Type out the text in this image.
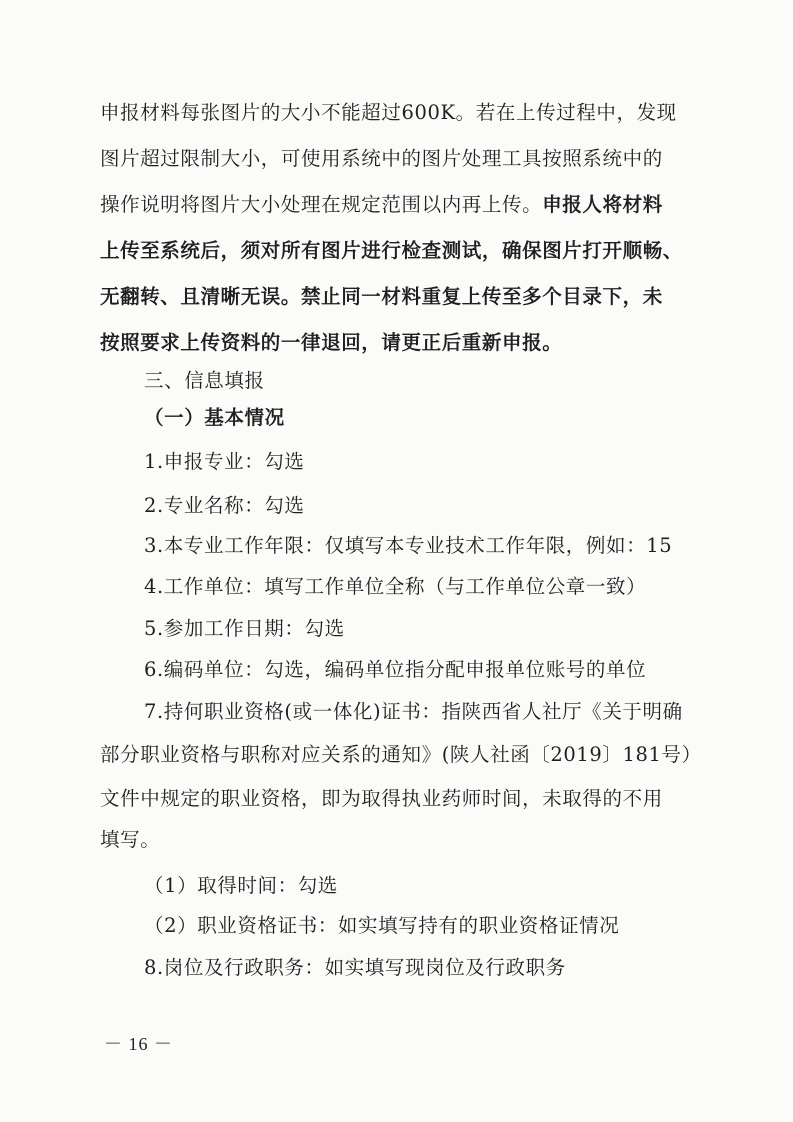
申报材料每张图片的大小不能超过600K。若在上传过程中，发现
图片超过限制大小，可使用系统中的图片处理工具按照系统中的
操作说明将图片大小处理在规定范围以内再上传。申报人将材料
上传至系统后，须对所有图片进行检查测试，确保图片打开顺畅、
无翻转、且清晰无误。禁止同一材料重复上传至多个目录下，未
按照要求上传资料的一律退回，请更正后重新申报。
三、信息填报
（一）基本情况
1.申报专业：勾选
2.专业名称：勾选
3.本专业工作年限：仅填写本专业技术工作年限，例如：15
4.工作单位：填写工作单位全称（与工作单位公章一致）
5.参加工作日期：勾选
6.编码单位：勾选，编码单位指分配申报单位账号的单位
7.持何职业资格(或一体化)证书：指陕西省人社厅《关于明确
部分职业资格与职称对应关系的通知》(陕人社函〔2019〕181号）
文件中规定的职业资格，即为取得执业药师时间，未取得的不用
填写。
（1）取得时间：勾选
（2）职业资格证书：如实填写持有的职业资格证情况
8.岗位及行政职务：如实填写现岗位及行政职务
－ 16 －
